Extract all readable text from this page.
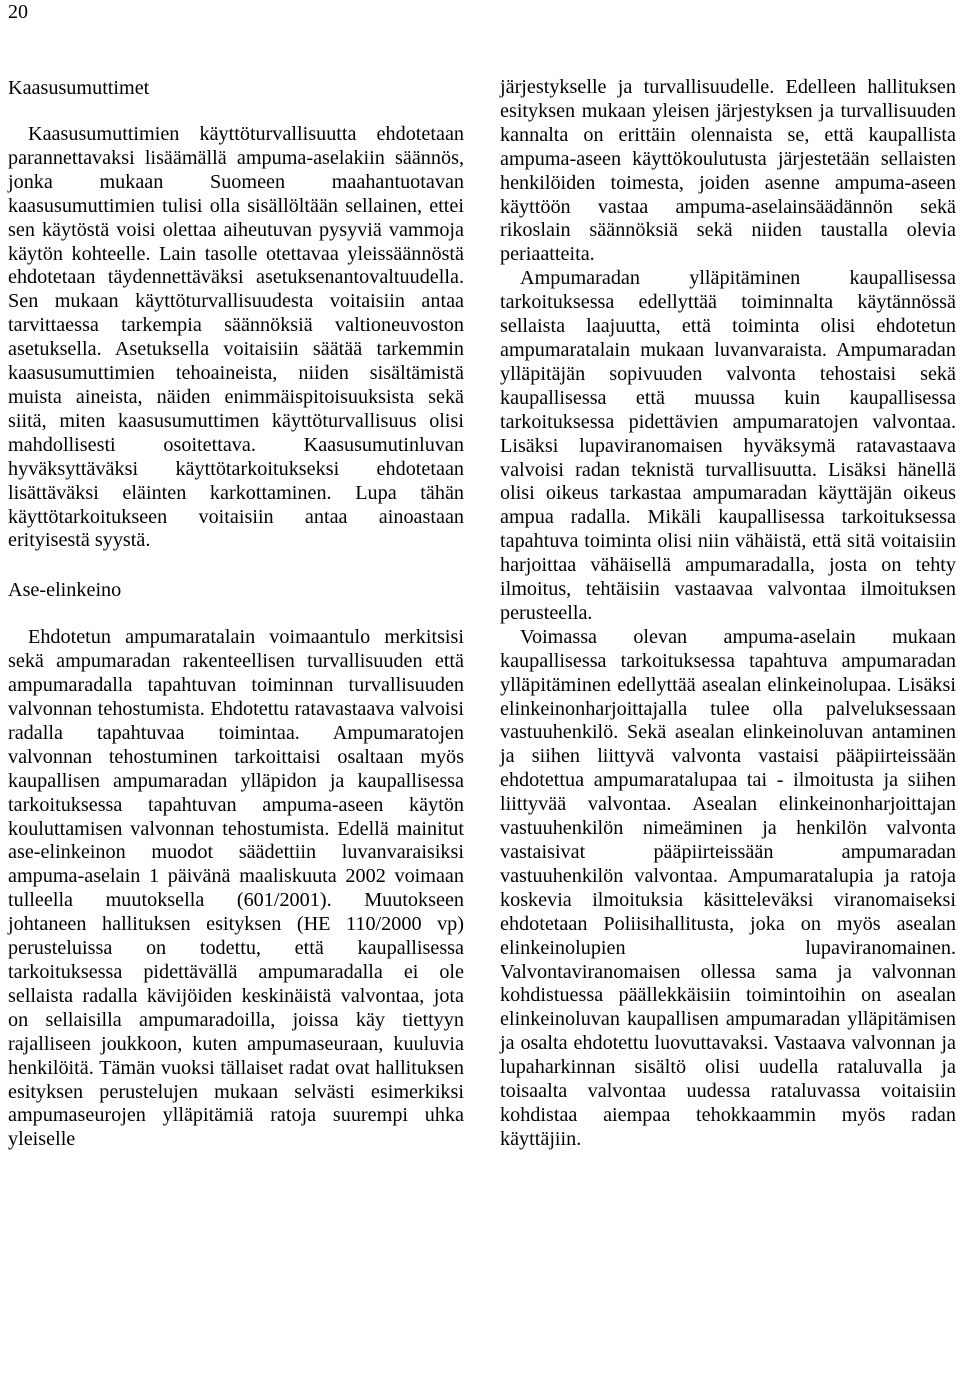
20
Kaasusumuttimet

Kaasusumuttimien käyttöturvallisuutta ehdotetaan parannettavaksi lisäämällä ampuma-aselakiin säännös, jonka mukaan Suomeen maahantuotavan kaasusumuttimien tulisi olla sisällöltään sellainen, ettei sen käytöstä voisi olettaa aiheutuvan pysyviä vammoja käytön kohteelle. Lain tasolle otettavaa yleissäännöstä ehdotetaan täydennettäväksi asetuksenantovaltuudella. Sen mukaan käyttöturvallisuudesta voitaisiin antaa tarvittaessa tarkempia säännöksiä valtioneuvoston asetuksella. Asetuksella voitaisiin säätää tarkemmin kaasusumuttimien tehoaineista, niiden sisältämistä muista aineista, näiden enimmäispitoisuuksista sekä siitä, miten kaasusumuttimen käyttöturvallisuus olisi mahdollisesti osoitettava. Kaasusumutinluvan hyväksyttäväksi käyttötarkoitukseksi ehdotetaan lisättäväksi eläinten karkottaminen. Lupa tähän käyttötarkoitukseen voitaisiin antaa ainoastaan erityisestä syystä.

Ase-elinkeino

Ehdotetun ampumaratalain voimaantulo merkitsisi sekä ampumaradan rakenteellisen turvallisuuden että ampumaradalla tapahtuvan toiminnan turvallisuuden valvonnan tehostumista. Ehdotettu ratavastaava valvoisi radalla tapahtuvaa toimintaa. Ampumaratojen valvonnan tehostuminen tarkoittaisi osaltaan myös kaupallisen ampumaradan ylläpidon ja kaupallisessa tarkoituksessa tapahtuvan ampuma-aseen käytön kouluttamisen valvonnan tehostumista. Edellä mainitut ase-elinkeinon muodot säädettiin luvanvaraisiksi ampuma-aselain 1 päivänä maaliskuuta 2002 voimaan tulleella muutoksella (601/2001). Muutokseen johtaneen hallituksen esityksen (HE 110/2000 vp) perusteluissa on todettu, että kaupallisessa tarkoituksessa pidettävällä ampumaradalla ei ole sellaista radalla kävijöiden keskinäistä valvontaa, jota on sellaisilla ampumaradoilla, joissa käy tiettyyn rajalliseen joukkoon, kuten ampumaseuraan, kuuluvia henkilöitä. Tämän vuoksi tällaiset radat ovat hallituksen esityksen perustelujen mukaan selvästi esimerkiksi ampumaseurojen ylläpitämiä ratoja suurempi uhka yleiselle

järjestykselle ja turvallisuudelle. Edelleen hallituksen esityksen mukaan yleisen järjestyksen ja turvallisuuden kannalta on erittäin olennaista se, että kaupallista ampuma-aseen käyttökoulutusta järjestetään sellaisten henkilöiden toimesta, joiden asenne ampuma-aseen käyttöön vastaa ampuma-aselainsäädännön sekä rikoslain säännöksiä sekä niiden taustalla olevia periaatteita.

Ampumaradan ylläpitäminen kaupallisessa tarkoituksessa edellyttää toiminnalta käytännössä sellaista laajuutta, että toiminta olisi ehdotetun ampumaratalain mukaan luvanvaraista. Ampumaradan ylläpitäjän sopivuuden valvonta tehostaisi sekä kaupallisessa että muussa kuin kaupallisessa tarkoituksessa pidettävien ampumaratojen valvontaa. Lisäksi lupaviranomaisen hyväksymä ratavastaava valvoisi radan teknistä turvallisuutta. Lisäksi hänellä olisi oikeus tarkastaa ampumaradan käyttäjän oikeus ampua radalla. Mikäli kaupallisessa tarkoituksessa tapahtuva toiminta olisi niin vähäistä, että sitä voitaisiin harjoittaa vähäisellä ampumaradalla, josta on tehty ilmoitus, tehtäisiin vastaavaa valvontaa ilmoituksen perusteella.

Voimassa olevan ampuma-aselain mukaan kaupallisessa tarkoituksessa tapahtuva ampumaradan ylläpitäminen edellyttää asealan elinkeinolupaa. Lisäksi elinkeinonharjoittajalla tulee olla palveluksessaan vastuuhenkilö. Sekä asealan elinkeinoluvan antaminen ja siihen liittyvä valvonta vastaisi pääpiirteissään ehdotettua ampumaratalupaa tai - ilmoitusta ja siihen liittyvää valvontaa. Asealan elinkeinonharjoittajan vastuuhenkilön nimeäminen ja henkilön valvonta vastaisivat pääpiirteissään ampumaradan vastuuhenkilön valvontaa. Ampumaratalupia ja ratoja koskevia ilmoituksia käsitteleväksi viranomaiseksi ehdotetaan Poliisihallitusta, joka on myös asealan elinkeinolupien lupaviranomainen. Valvontaviranomaisen ollessa sama ja valvonnan kohdistuessa päällekkäisiin toimintoihin on asealan elinkeinoluvan kaupallisen ampumaradan ylläpitämisen ja osalta ehdotettu luovuttavaksi. Vastaava valvonnan ja lupaharkinnan sisältö olisi uudella rataluvalla ja toisaalta valvontaa uudessa rataluvassa voitaisiin kohdistaa aiempaa tehokkaammin myös radan käyttäjiin.
